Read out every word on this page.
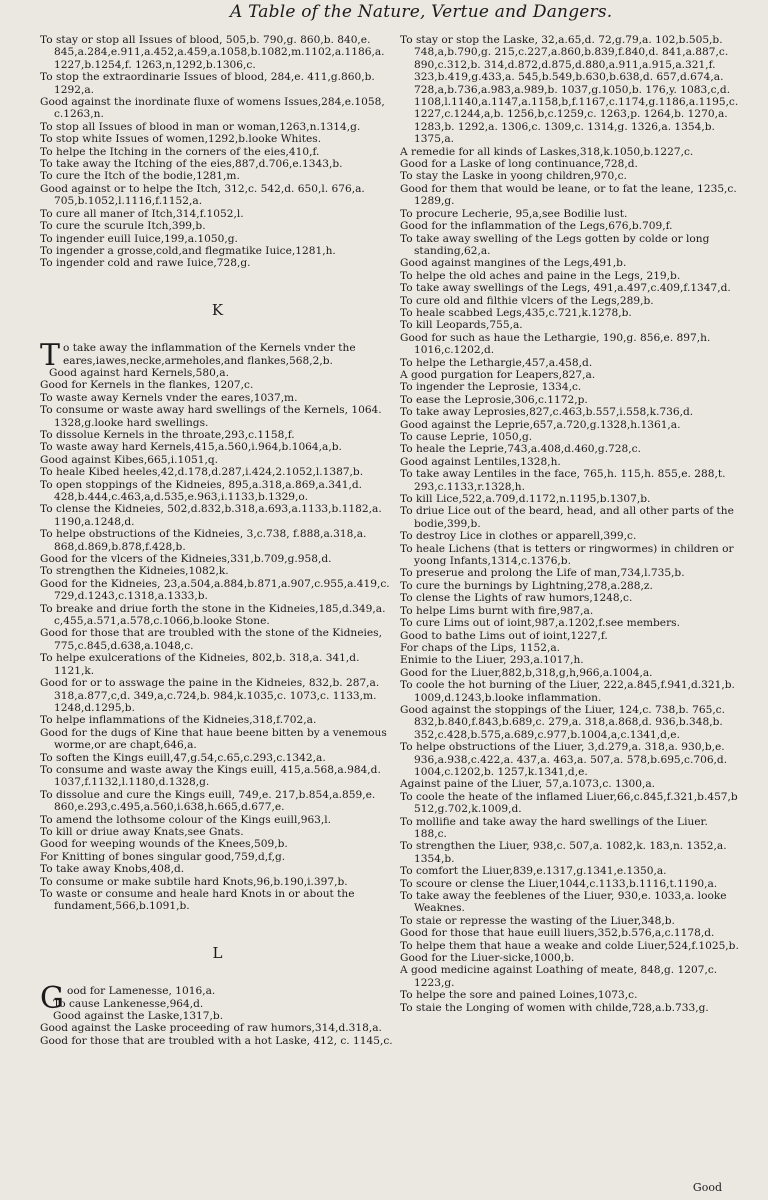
A Table of the Nature, Vertue and Dangers.

To stay or stop all Issues of blood, 505,b. 790,g. 860,b. 840,e. 845,a.284,e.911,a.452,a.459,a.1058,b.1082,m.1102,a.1186,a. 1227,b.1254,f. 1263,n,1292,b.1306,c.

To stop the extraordinarie Issues of blood, 284,e. 411,g.860,b. 1292,a.

Good against the inordinate fluxe of womens Issues,284,e.1058, c.1263,n.

To stop all Issues of blood in man or woman,1263,n.1314,g.

To stop white Issues of women,1292,b.looke Whites.

To helpe the Itching in the corners of the eies,410,f.

To take away the Itching of the eies,887,d.706,e.1343,b.

To cure the Itch of the bodie,1281,m.

Good against or to helpe the Itch, 312,c. 542,d. 650,l. 676,a. 705,b.1052,l.1116,f.1152,a.

To cure all maner of Itch,314,f.1052,l.

To cure the scurule Itch,399,b.

To ingender euill Iuice,199,a.1050,g.

To ingender a grosse,cold,and flegmatike Iuice,1281,h.

To ingender cold and rawe Iuice,728,g.

K

To take away the inflammation of the Kernels vnder the eares,iawes,necke,armeholes,and flankes,568,2,b.

Good against hard Kernels,580,a.

Good for Kernels in the flankes, 1207,c.

To waste away Kernels vnder the eares,1037,m.

To consume or waste away hard swellings of the Kernels, 1064. 1328,g.looke hard swellings.

To dissolue Kernels in the throate,293,c.1158,f.

To waste away hard Kernels,415,a.560,i.964,b.1064,a,b.

Good against Kibes,665,i.1051,q.

To heale Kibed heeles,42,d.178,d.287,i.424,2.1052,l.1387,b.

To open stoppings of the Kidneies, 895,a.318,a.869,a.341,d. 428,b.444,c.463,a,d.535,e.963,i.1133,b.1329,o.

To clense the Kidneies, 502,d.832,b.318,a.693,a.1133,b.1182,a. 1190,a.1248,d.

To helpe obstructions of the Kidneies, 3,c.738, f.888,a.318,a. 868,d.869,b.878,f.428,b.

Good for the vlcers of the Kidneies,331,b.709,g.958,d.

To strengthen the Kidneies,1082,k.

Good for the Kidneies, 23,a.504,a.884,b.871,a.907,c.955,a.419,c. 729,d.1243,c.1318,a.1333,b.

To breake and driue forth the stone in the Kidneies,185,d.349,a. c,455,a.571,a.578,c.1066,b.looke Stone.

Good for those that are troubled with the stone of the Kidneies, 775,c.845,d.638,a.1048,c.

To helpe exulcerations of the Kidneies, 802,b. 318,a. 341,d. 1121,k.

Good for or to asswage the paine in the Kidneies, 832,b. 287,a. 318,a.877,c,d. 349,a,c.724,b. 984,k.1035,c. 1073,c. 1133,m. 1248,d.1295,b.

To helpe inflammations of the Kidneies,318,f.702,a.

Good for the dugs of Kine that haue beene bitten by a venemous worme,or are chapt,646,a.

To soften the Kings euill,47,g.54,c.65,c.293,c.1342,a.

To consume and waste away the Kings euill, 415,a.568,a.984,d. 1037,f.1132,l.1180,d.1328,g.

To dissolue and cure the Kings euill, 749,e. 217,b.854,a.859,e. 860,e.293,c.495,a.560,i.638,h.665,d.677,e.

To amend the lothsome colour of the Kings euill,963,l.

To kill or driue away Knats,see Gnats.

Good for weeping wounds of the Knees,509,b.

For Knitting of bones singular good,759,d,f,g.

To take away Knobs,408,d.

To consume or make subtile hard Knots,96,b.190,i.397,b.

To waste or consume and heale hard Knots in or about the fundament,566,b.1091,b.

L

Good for Lamenesse, 1016,a.

To cause Lankenesse,964,d.

Good against the Laske,1317,b.

Good against the Laske proceeding of raw humors,314,d.318,a.

Good for those that are troubled with a hot Laske, 412, c. 1145,c.

To stay or stop the Laske, 32,a.65,d. 72,g.79,a. 102,b.505,b. 748,a,b.790,g. 215,c.227,a.860,b.839,f.840,d. 841,a.887,c. 890,c.312,b. 314,d.872,d.875,d.880,a.911,a.915,a.321,f. 323,b.419,g.433,a. 545,b.549,b.630,b.638,d. 657,d.674,a. 728,a,b.736,a.983,a.989,b. 1037,g.1050,b. 176,y. 1083,c,d. 1108,l.1140,a.1147,a.1158,b,f.1167,c.1174,g.1186,a.1195,c. 1227,c.1244,a,b. 1256,b,c.1259,c. 1263,p. 1264,b. 1270,a. 1283,b. 1292,a. 1306,c. 1309,c. 1314,g. 1326,a. 1354,b. 1375,a.

A remedie for all kinds of Laskes,318,k.1050,b.1227,c.

Good for a Laske of long continuance,728,d.

To stay the Laske in yoong children,970,c.

Good for them that would be leane, or to fat the leane, 1235,c. 1289,g.

To procure Lecherie, 95,a,see Bodilie lust.

Good for the inflammation of the Legs,676,b.709,f.

To take away swelling of the Legs gotten by colde or long standing,62,a.

Good against mangines of the Legs,491,b.

To helpe the old aches and paine in the Legs, 219,b.

To take away swellings of the Legs, 491,a.497,c.409,f.1347,d.

To cure old and filthie vlcers of the Legs,289,b.

To heale scabbed Legs,435,c.721,k.1278,b.

To kill Leopards,755,a.

Good for such as haue the Lethargie, 190,g. 856,e. 897,h. 1016,c.1202,d.

To helpe the Lethargie,457,a.458,d.

A good purgation for Leapers,827,a.

To ingender the Leprosie, 1334,c.

To ease the Leprosie,306,c.1172,p.

To take away Leprosies,827,c.463,b.557,i.558,k.736,d.

Good against the Leprie,657,a.720,g.1328,h.1361,a.

To cause Leprie, 1050,g.

To heale the Leprie,743,a.408,d.460,g.728,c.

Good against Lentiles,1328,h.

To take away Lentiles in the face, 765,h. 115,h. 855,e. 288,t. 293,c.1133,r.1328,h.

To kill Lice,522,a.709,d.1172,n.1195,b.1307,b.

To driue Lice out of the beard, head, and all other parts of the bodie,399,b.

To destroy Lice in clothes or apparell,399,c.

To heale Lichens (that is tetters or ringwormes) in children or yoong Infants,1314,c.1376,b.

To preserue and prolong the Life of man,734,l.735,b.

To cure the burnings by Lightning,278,a.288,z.

To clense the Lights of raw humors,1248,c.

To helpe Lims burnt with fire,987,a.

To cure Lims out of ioint,987,a.1202,f.see members.

Good to bathe Lims out of ioint,1227,f.

For chaps of the Lips, 1152,a.

Enimie to the Liuer, 293,a.1017,h.

Good for the Liuer,882,b,318,g,h,966,a.1004,a.

To coole the hot burning of the Liuer, 222,a.845,f.941,d.321,b. 1009,d.1243,b.looke inflammation.

Good against the stoppings of the Liuer, 124,c. 738,b. 765,c. 832,b.840,f.843,b.689,c. 279,a. 318,a.868,d. 936,b.348,b. 352,c.428,b.575,a.689,c.977,b.1004,a,c.1341,d,e.

To helpe obstructions of the Liuer, 3,d.279,a. 318,a. 930,b,e. 936,a.938,c.422,a. 437,a. 463,a. 507,a. 578,b.695,c.706,d. 1004,c.1202,b. 1257,k.1341,d,e.

Against paine of the Liuer, 57,a.1073,c. 1300,a.

To coole the heate of the inflamed Liuer,66,c.845,f.321,b.457,b 512,g.702,k.1009,d.

To mollifie and take away the hard swellings of the Liuer. 188,c.

To strengthen the Liuer, 938,c. 507,a. 1082,k. 183,n. 1352,a. 1354,b.

To comfort the Liuer,839,e.1317,g.1341,e.1350,a.

To scoure or clense the Liuer,1044,c.1133,b.1116,t.1190,a.

To take away the feeblenes of the Liuer, 930,e. 1033,a. looke Weaknes.

To staie or represse the wasting of the Liuer,348,b.

Good for those that haue euill liuers,352,b.576,a,c.1178,d.

To helpe them that haue a weake and colde Liuer,524,f.1025,b.

Good for the Liuer-sicke,1000,b.

A good medicine against Loathing of meate, 848,g. 1207,c. 1223,g.

To helpe the sore and pained Loines,1073,c.

To staie the Longing of women with childe,728,a.b.733,g.

Good
